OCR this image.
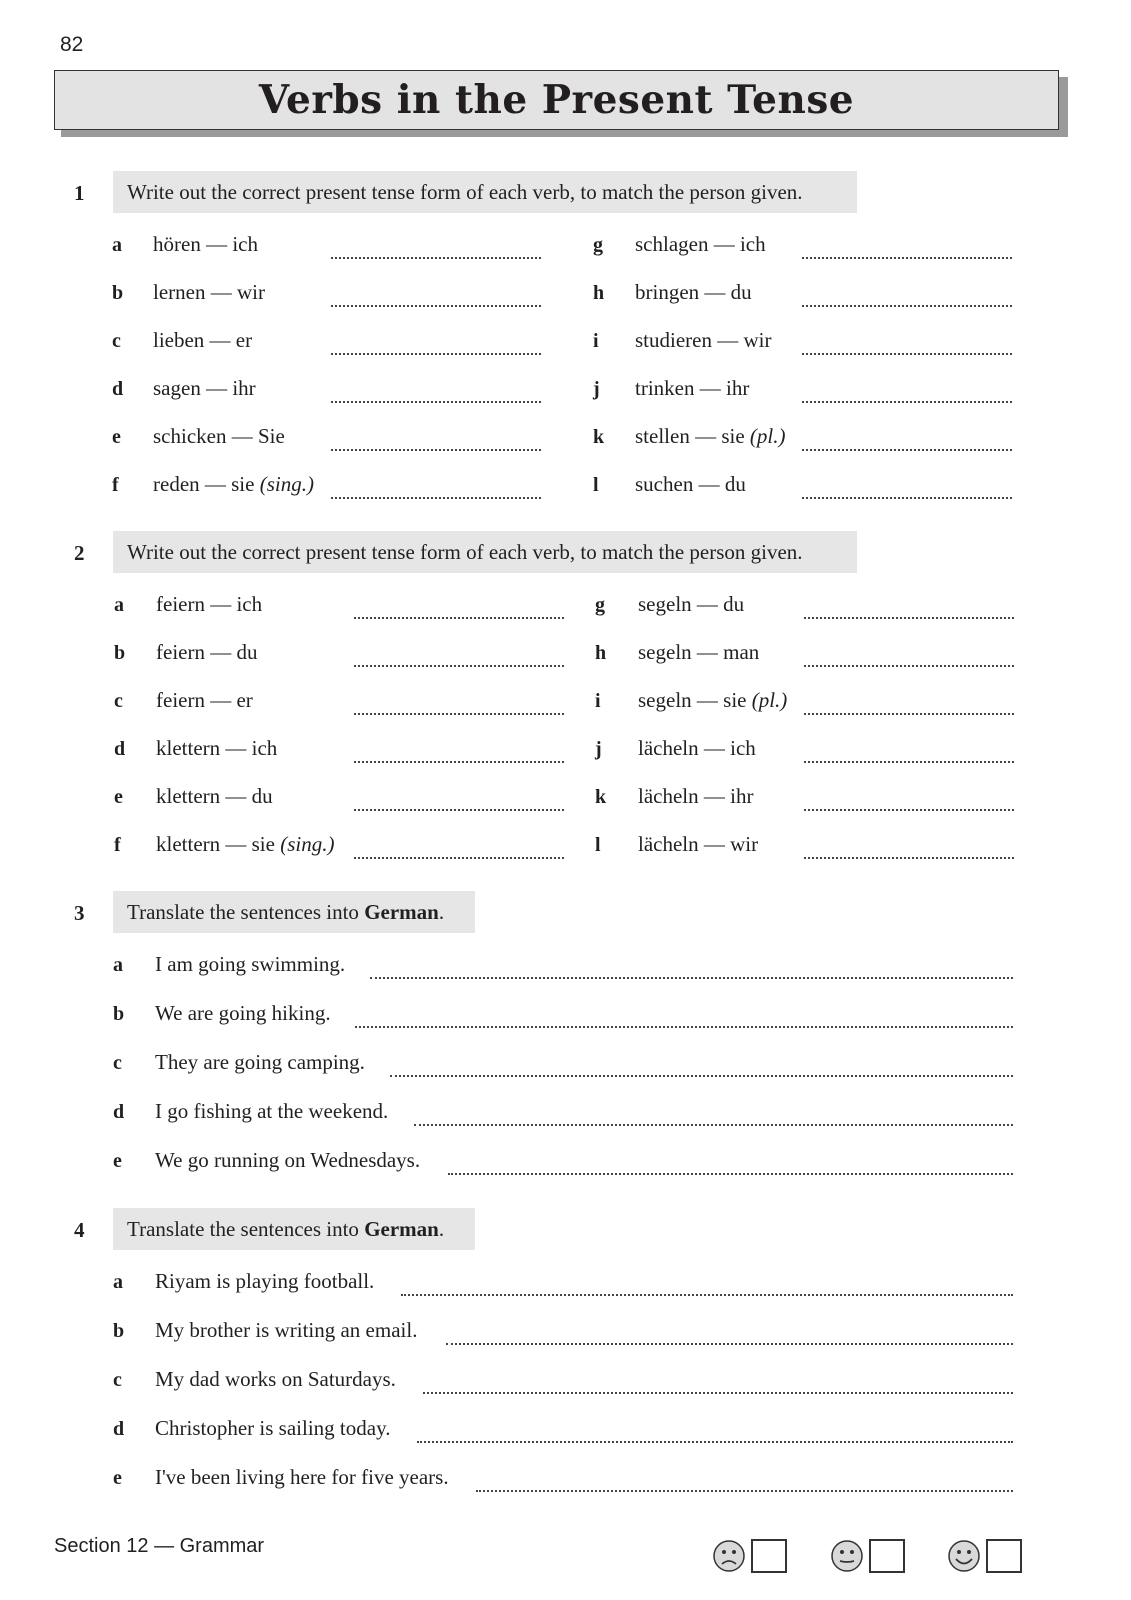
82
Verbs in the Present Tense
1	Write out the correct present tense form of each verb, to match the person given.
a hören — ich
b lernen — wir
c lieben — er
d sagen — ihr
e schicken — Sie
f reden — sie (sing.)
g schlagen — ich
h bringen — du
i studieren — wir
j trinken — ihr
k stellen — sie (pl.)
l suchen — du
2	Write out the correct present tense form of each verb, to match the person given.
a feiern — ich
b feiern — du
c feiern — er
d klettern — ich
e klettern — du
f klettern — sie (sing.)
g segeln — du
h segeln — man
i segeln — sie (pl.)
j lächeln — ich
k lächeln — ihr
l lächeln — wir
3 Translate the sentences into German .
a I am going swimming.
b We are going hiking.
c They are going camping.
d I go fishing at the weekend.
e We go running on Wednesdays.
4 Translate the sentences into German .
a Riyam is playing football.
b My brother is writing an email.
c My dad works on Saturdays.
d Christopher is sailing today.
e I've been living here for five years.
Section 12 — Grammar
